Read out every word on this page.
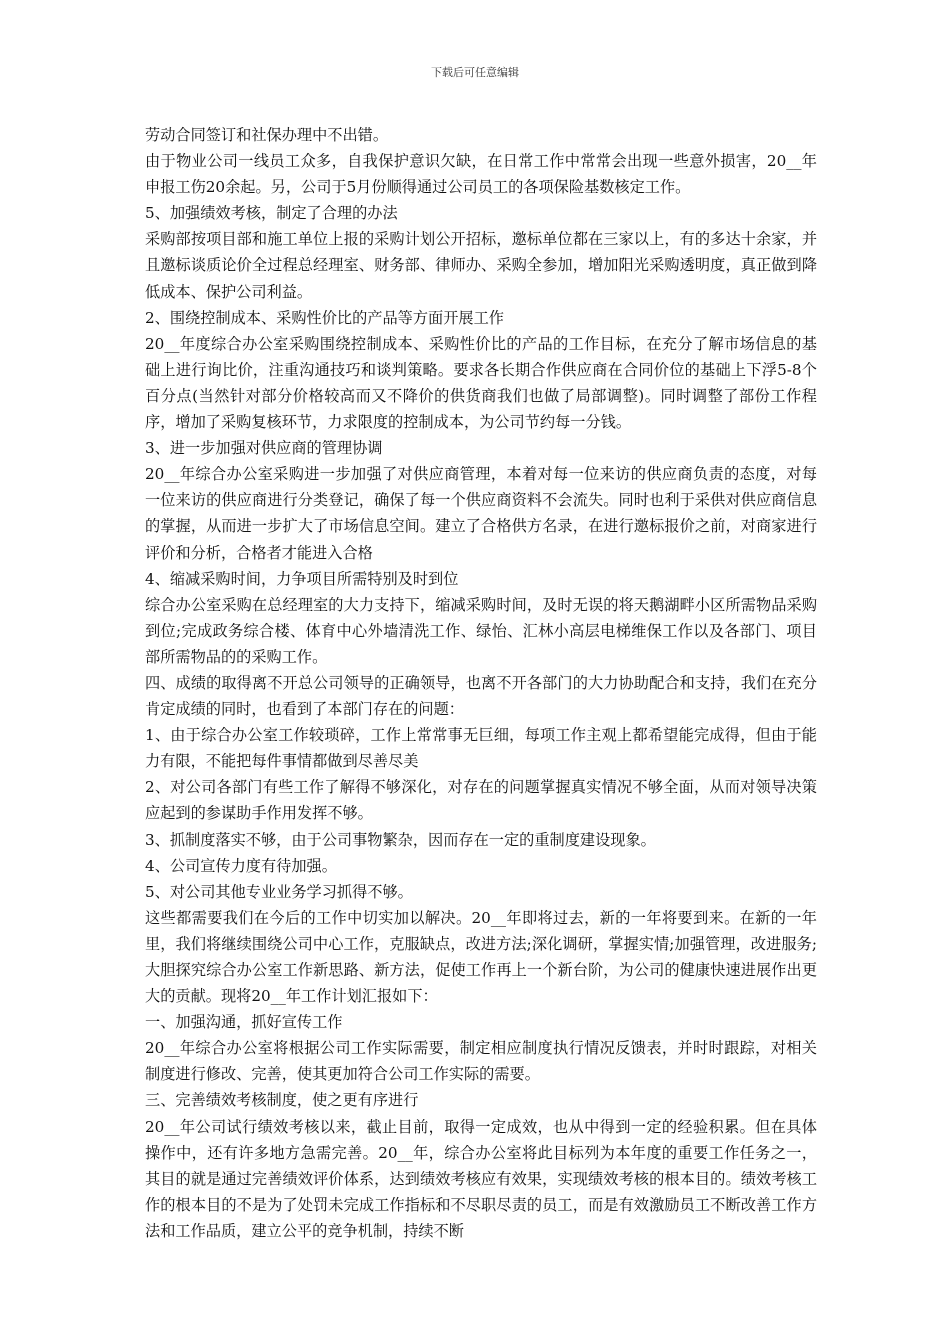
下载后可任意编辑

劳动合同签订和社保办理中不出错。

由于物业公司一线员工众多，自我保护意识欠缺，在日常工作中常常会出现一些意外损害，20__年申报工伤20余起。另，公司于5月份顺得通过公司员工的各项保险基数核定工作。

5、加强绩效考核，制定了合理的办法

采购部按项目部和施工单位上报的采购计划公开招标，邀标单位都在三家以上，有的多达十余家，并且邀标谈质论价全过程总经理室、财务部、律师办、采购全参加，增加阳光采购透明度，真正做到降低成本、保护公司利益。

2、围绕控制成本、采购性价比的产品等方面开展工作

20__年度综合办公室采购围绕控制成本、采购性价比的产品的工作目标，在充分了解市场信息的基础上进行询比价，注重沟通技巧和谈判策略。要求各长期合作供应商在合同价位的基础上下浮5-8个百分点(当然针对部分价格较高而又不降价的供货商我们也做了局部调整)。同时调整了部份工作程序，增加了采购复核环节，力求限度的控制成本，为公司节约每一分钱。

3、进一步加强对供应商的管理协调

20__年综合办公室采购进一步加强了对供应商管理，本着对每一位来访的供应商负责的态度，对每一位来访的供应商进行分类登记，确保了每一个供应商资料不会流失。同时也利于采供对供应商信息的掌握，从而进一步扩大了市场信息空间。建立了合格供方名录，在进行邀标报价之前，对商家进行评价和分析，合格者才能进入合格

4、缩减采购时间，力争项目所需特别及时到位

综合办公室采购在总经理室的大力支持下，缩减采购时间，及时无误的将天鹅湖畔小区所需物品采购到位;完成政务综合楼、体育中心外墙清洗工作、绿怡、汇林小高层电梯维保工作以及各部门、项目部所需物品的的采购工作。

四、成绩的取得离不开总公司领导的正确领导，也离不开各部门的大力协助配合和支持，我们在充分肯定成绩的同时，也看到了本部门存在的问题：

1、由于综合办公室工作较琐碎，工作上常常事无巨细，每项工作主观上都希望能完成得，但由于能力有限，不能把每件事情都做到尽善尽美

2、对公司各部门有些工作了解得不够深化，对存在的问题掌握真实情况不够全面，从而对领导决策应起到的参谋助手作用发挥不够。

3、抓制度落实不够，由于公司事物繁杂，因而存在一定的重制度建设现象。

4、公司宣传力度有待加强。

5、对公司其他专业业务学习抓得不够。

这些都需要我们在今后的工作中切实加以解决。20__年即将过去，新的一年将要到来。在新的一年里，我们将继续围绕公司中心工作，克服缺点，改进方法;深化调研，掌握实情;加强管理，改进服务;大胆探究综合办公室工作新思路、新方法，促使工作再上一个新台阶，为公司的健康快速进展作出更大的贡献。现将20__年工作计划汇报如下：

一、加强沟通，抓好宣传工作

20__年综合办公室将根据公司工作实际需要，制定相应制度执行情况反馈表，并时时跟踪，对相关制度进行修改、完善，使其更加符合公司工作实际的需要。

三、完善绩效考核制度，使之更有序进行

20__年公司试行绩效考核以来，截止目前，取得一定成效，也从中得到一定的经验积累。但在具体操作中，还有许多地方急需完善。20__年，综合办公室将此目标列为本年度的重要工作任务之一，其目的就是通过完善绩效评价体系，达到绩效考核应有效果，实现绩效考核的根本目的。绩效考核工作的根本目的不是为了处罚未完成工作指标和不尽职尽责的员工，而是有效激励员工不断改善工作方法和工作品质，建立公平的竞争机制，持续不断
